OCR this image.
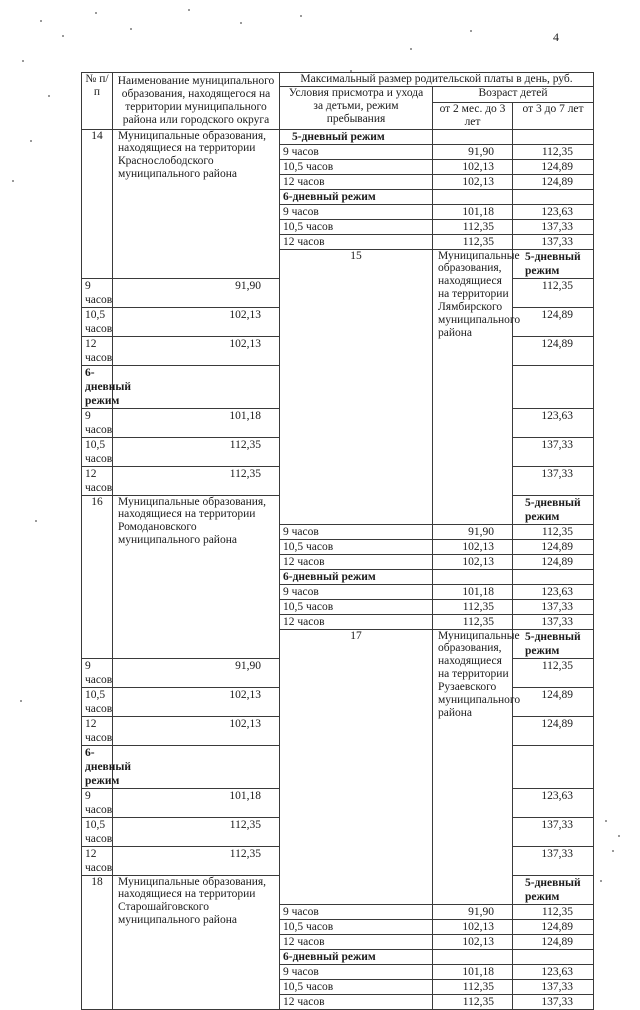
4
№ п/п	Наименование муниципального образования, находящегося на территории муниципального района или городского округа	Максимальный размер родительской платы в день, руб.			
		Условия присмотра и ухода за детьми, режим пребывания	Возраст детей		
			от 2 мес. до 3 лет	от 3 до 7 лет	
14	Муниципальные образования, находящиеся на территории Краснослободского муниципального района	5-дневный режим			
		9 часов	91,90	112,35	
		10,5 часов	102,13	124,89	
		12 часов	102,13	124,89	
		6-дневный режим			
		9 часов	101,18	123,63	
		10,5 часов	112,35	137,33	
		12 часов	112,35	137,33	
		15	Муниципальные образования, находящиеся на территории Лямбирского муниципального района	5-дневный режим		
9 часов	91,90			112,35	
10,5 часов	102,13			124,89	
12 часов	102,13			124,89	
6-дневный режим					
9 часов	101,18			123,63	
10,5 часов	112,35			137,33	
12 часов	112,35			137,33	
16	Муниципальные образования, находящиеся на территории Ромодановского муниципального района			5-дневный режим		
		9 часов	91,90	112,35	
		10,5 часов	102,13	124,89	
		12 часов	102,13	124,89	
		6-дневный режим			
		9 часов	101,18	123,63	
		10,5 часов	112,35	137,33	
		12 часов	112,35	137,33	
		17	Муниципальные образования, находящиеся на территории Рузаевского муниципального района	5-дневный режим		
9 часов	91,90			112,35	
10,5 часов	102,13			124,89	
12 часов	102,13			124,89	
6-дневный режим					
9 часов	101,18			123,63	
10,5 часов	112,35			137,33	
12 часов	112,35			137,33	
18	Муниципальные образования, находящиеся на территории Старошайговского муниципального района			5-дневный режим		
		9 часов	91,90	112,35	
		10,5 часов	102,13	124,89	
		12 часов	102,13	124,89	
		6-дневный режим			
		9 часов	101,18	123,63	
		10,5 часов	112,35	137,33	
		12 часов	112,35	137,33	
